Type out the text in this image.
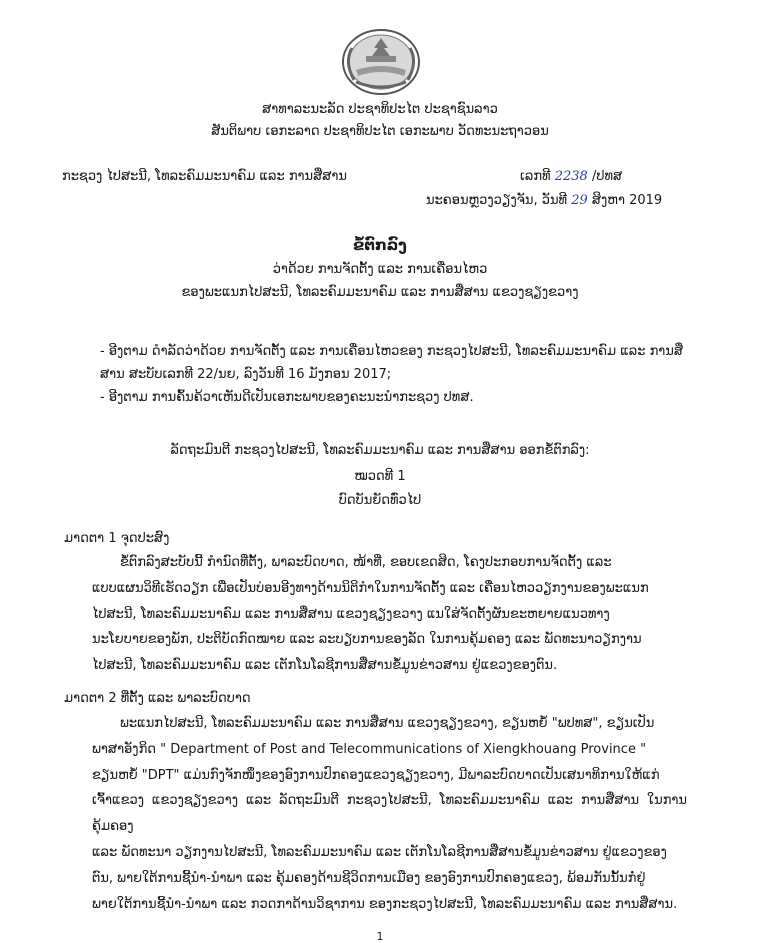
ສາທາລະນະລັດ ປະຊາທິປະໄຕ ປະຊາຊົນລາວ
ສັນຕິພາບ ເອກະລາດ ປະຊາທິປະໄຕ ເອກະພາບ ວັດທະນະຖາວອນ
ກະຊວງ ໄປສະນີ, ໂທລະຄົມມະນາຄົມ ແລະ ການສື່ສານ	ເລກທີ 2238 /ປທສ
ນະຄອນຫຼວງວຽງຈັນ, ວັນທີ 29 ສິງຫາ 2019
ຂໍ້ຕົກລົງ
ວ່າດ້ວຍ ການຈັດຕັ້ງ ແລະ ການເຄື່ອນໄຫວ
ຂອງພະແນກໄປສະນີ, ໂທລະຄົມມະນາຄົມ ແລະ ການສື່ສານ ແຂວງຊຽງຂວາງ

- ອີງຕາມ ດຳລັດວ່າດ້ວຍ ການຈັດຕັ້ງ ແລະ ການເຄື່ອນໄຫວຂອງ ກະຊວງໄປສະນີ, ໂທລະຄົມມະນາຄົມ ແລະ ການສື່ສານ ສະບັບເລກທີ 22/ນຍ, ລົງວັນທີ 16 ມັງກອນ 2017;

- ອີງຕາມ ການຄົ້ນຄ້ວາເຫັນດີເປັນເອກະພາບຂອງຄະນະນຳກະຊວງ ປທສ.

ລັດຖະມົນຕີ ກະຊວງໄປສະນີ, ໂທລະຄົມມະນາຄົມ ແລະ ການສື່ສານ ອອກຂໍ້ຕົກລົງ:
ໝວດທີ 1
ບົດບັນຍັດທົ່ວໄປ
ມາດຕາ 1 ຈຸດປະສົງ

ຂໍ້ຕົກລົງສະບັບນີ້ ກຳນົດທີ່ຕັ້ງ, ພາລະບົດບາດ, ໜ້າທີ່, ຂອບເຂດສິດ, ໂຄງປະກອບການຈັດຕັ້ງ ແລະ

ແບບແຜນວິທີເຮັດວຽກ ເພື່ອເປັນບ່ອນອີງທາງດ້ານນິຕິກຳໃນການຈັດຕັ້ງ ແລະ ເຄື່ອນໄຫວວຽກງານຂອງພະແນກ

ໄປສະນີ, ໂທລະຄົມມະນາຄົມ ແລະ ການສື່ສານ ແຂວງຊຽງຂວາງ ແນໃສ່ຈັດຕັ້ງຜັນຂະຫຍາຍແນວທາງ

ນະໂຍບາຍຂອງພັກ, ປະຕິບັດກົດໝາຍ ແລະ ລະບຽບການຂອງລັດ ໃນການຄຸ້ມຄອງ ແລະ ພັດທະນາວຽກງານ

ໄປສະນີ, ໂທລະຄົມມະນາຄົມ ແລະ ເຕັກໂນໂລຊີການສື່ສານຂໍ້ມູນຂ່າວສານ ຢູ່ແຂວງຂອງຕົນ.

ມາດຕາ 2 ທີ່ຕັ້ງ ແລະ ພາລະບົດບາດ

ພະແນກໄປສະນີ, ໂທລະຄົມມະນາຄົມ ແລະ ການສື່ສານ ແຂວງຊຽງຂວາງ, ຂຽນຫຍໍ້ "ພປທສ", ຂຽນເປັນ

ພາສາອັງກິດ " Department of Post and Telecommunications of Xiengkhouang Province "

ຂຽນຫຍໍ້ "DPT" ແມ່ນກົງຈັກໜຶ່ງຂອງອົງການປົກຄອງແຂວງຊຽງຂວາງ, ມີພາລະບົດບາດເປັນເສນາທິການໃຫ້ແກ່

ເຈົ້າແຂວງ ແຂວງຊຽງຂວາງ ແລະ ລັດຖະມົນຕີ ກະຊວງໄປສະນີ, ໂທລະຄົມມະນາຄົມ ແລະ ການສື່ສານ ໃນການຄຸ້ມຄອງ

ແລະ ພັດທະນາ ວຽກງານໄປສະນີ, ໂທລະຄົມມະນາຄົມ ແລະ ເຕັກໂນໂລຊີການສື່ສານຂໍ້ມູນຂ່າວສານ ຢູ່ແຂວງຂອງ

ຕົນ, ພາຍໃຕ້ການຊີ້ນຳ-ນຳພາ ແລະ ຄຸ້ມຄອງດ້ານຊີວິດການເມືອງ ຂອງອົງການປົກຄອງແຂວງ, ພ້ອມກັນນັ້ນກໍ່ຢູ່

ພາຍໃຕ້ການຊີ້ນຳ-ນຳພາ ແລະ ກວດກາດ້ານວິຊາການ ຂອງກະຊວງໄປສະນີ, ໂທລະຄົມມະນາຄົມ ແລະ ການສື່ສານ.

1
